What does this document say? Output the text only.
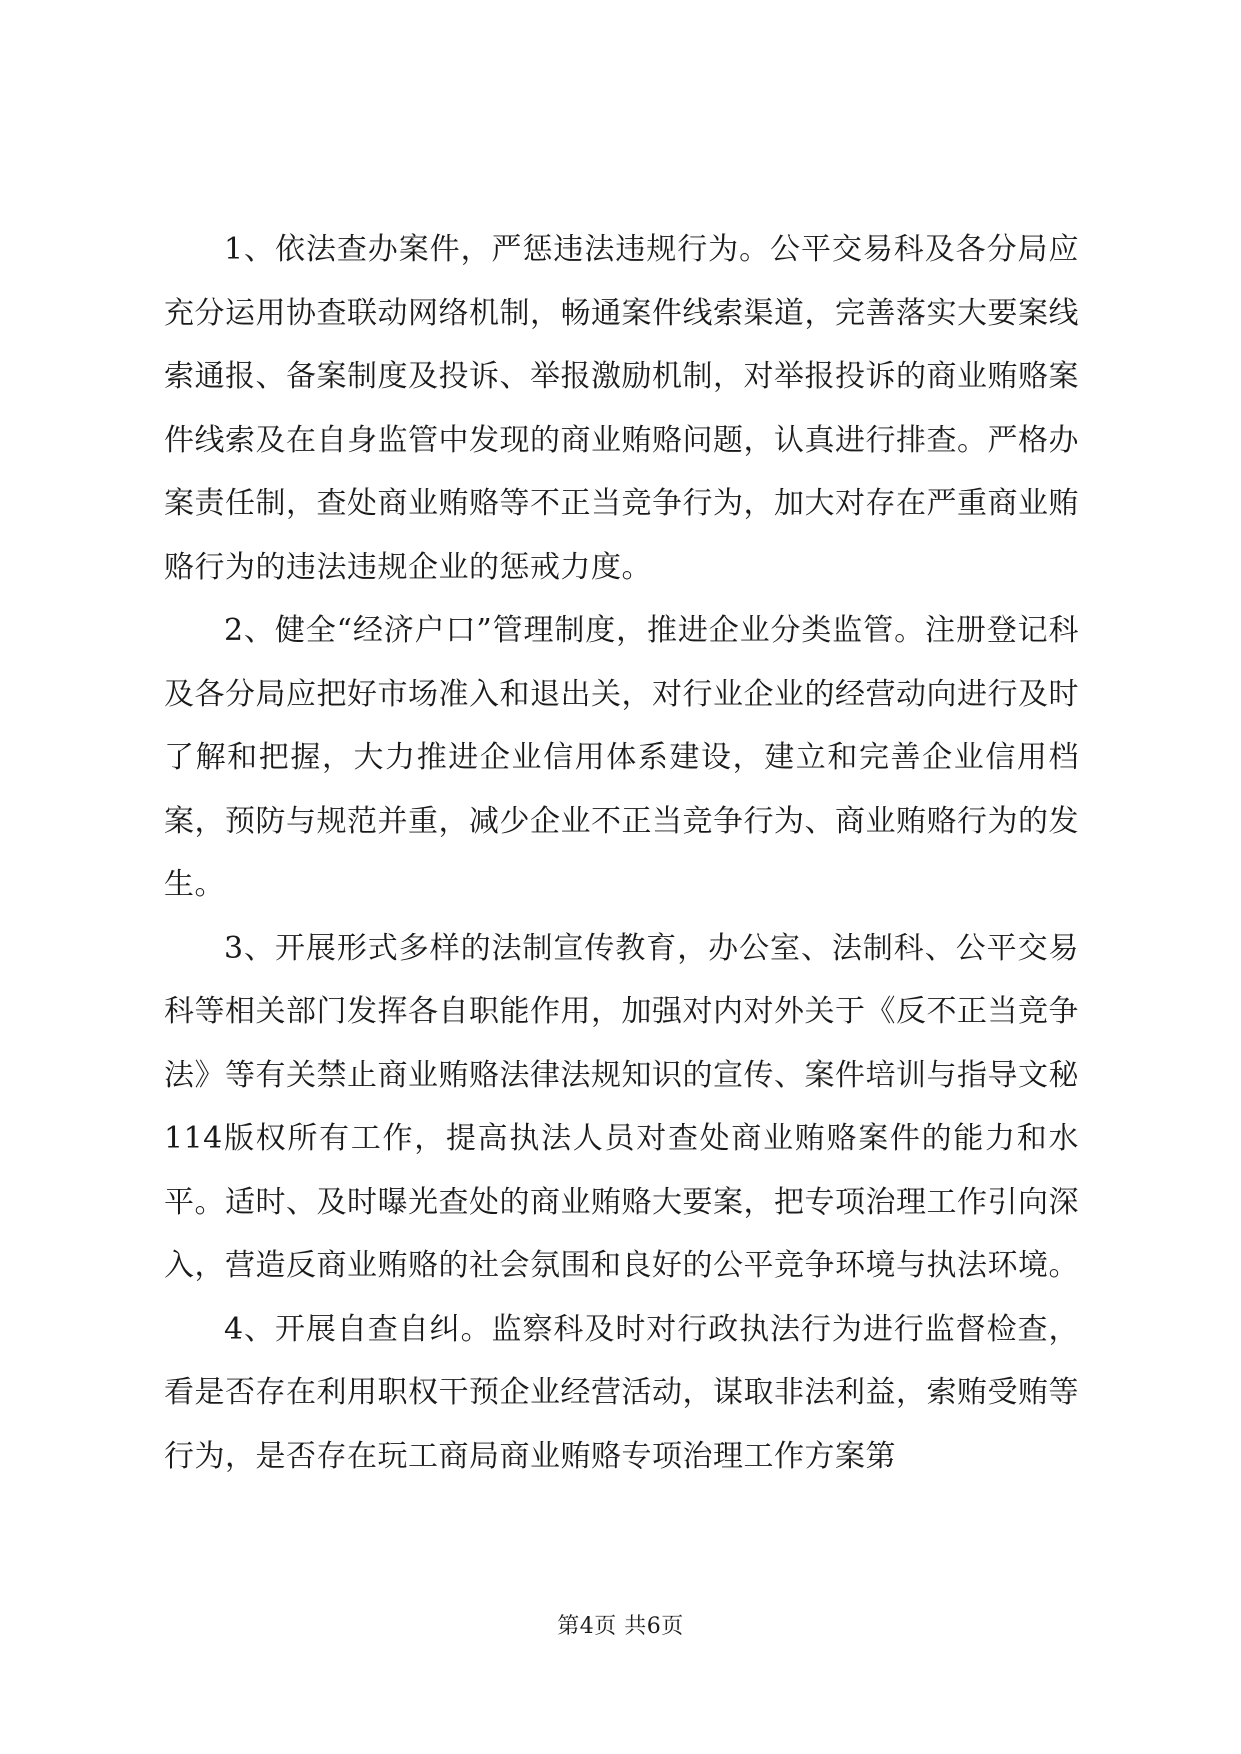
1、依法查办案件，严惩违法违规行为。公平交易科及各分局应充分运用协查联动网络机制，畅通案件线索渠道，完善落实大要案线索通报、备案制度及投诉、举报激励机制，对举报投诉的商业贿赂案件线索及在自身监管中发现的商业贿赂问题，认真进行排查。严格办案责任制，查处商业贿赂等不正当竞争行为，加大对存在严重商业贿赂行为的违法违规企业的惩戒力度。

2、健全“经济户口”管理制度，推进企业分类监管。注册登记科及各分局应把好市场准入和退出关，对行业企业的经营动向进行及时了解和把握，大力推进企业信用体系建设，建立和完善企业信用档案，预防与规范并重，减少企业不正当竞争行为、商业贿赂行为的发生。

3、开展形式多样的法制宣传教育，办公室、法制科、公平交易科等相关部门发挥各自职能作用，加强对内对外关于《反不正当竞争法》等有关禁止商业贿赂法律法规知识的宣传、案件培训与指导文秘114版权所有工作，提高执法人员对查处商业贿赂案件的能力和水平。适时、及时曝光查处的商业贿赂大要案，把专项治理工作引向深入，营造反商业贿赂的社会氛围和良好的公平竞争环境与执法环境。

4、开展自查自纠。监察科及时对行政执法行为进行监督检查，看是否存在利用职权干预企业经营活动，谋取非法利益，索贿受贿等行为，是否存在玩工商局商业贿赂专项治理工作方案第

第4页 共6页
